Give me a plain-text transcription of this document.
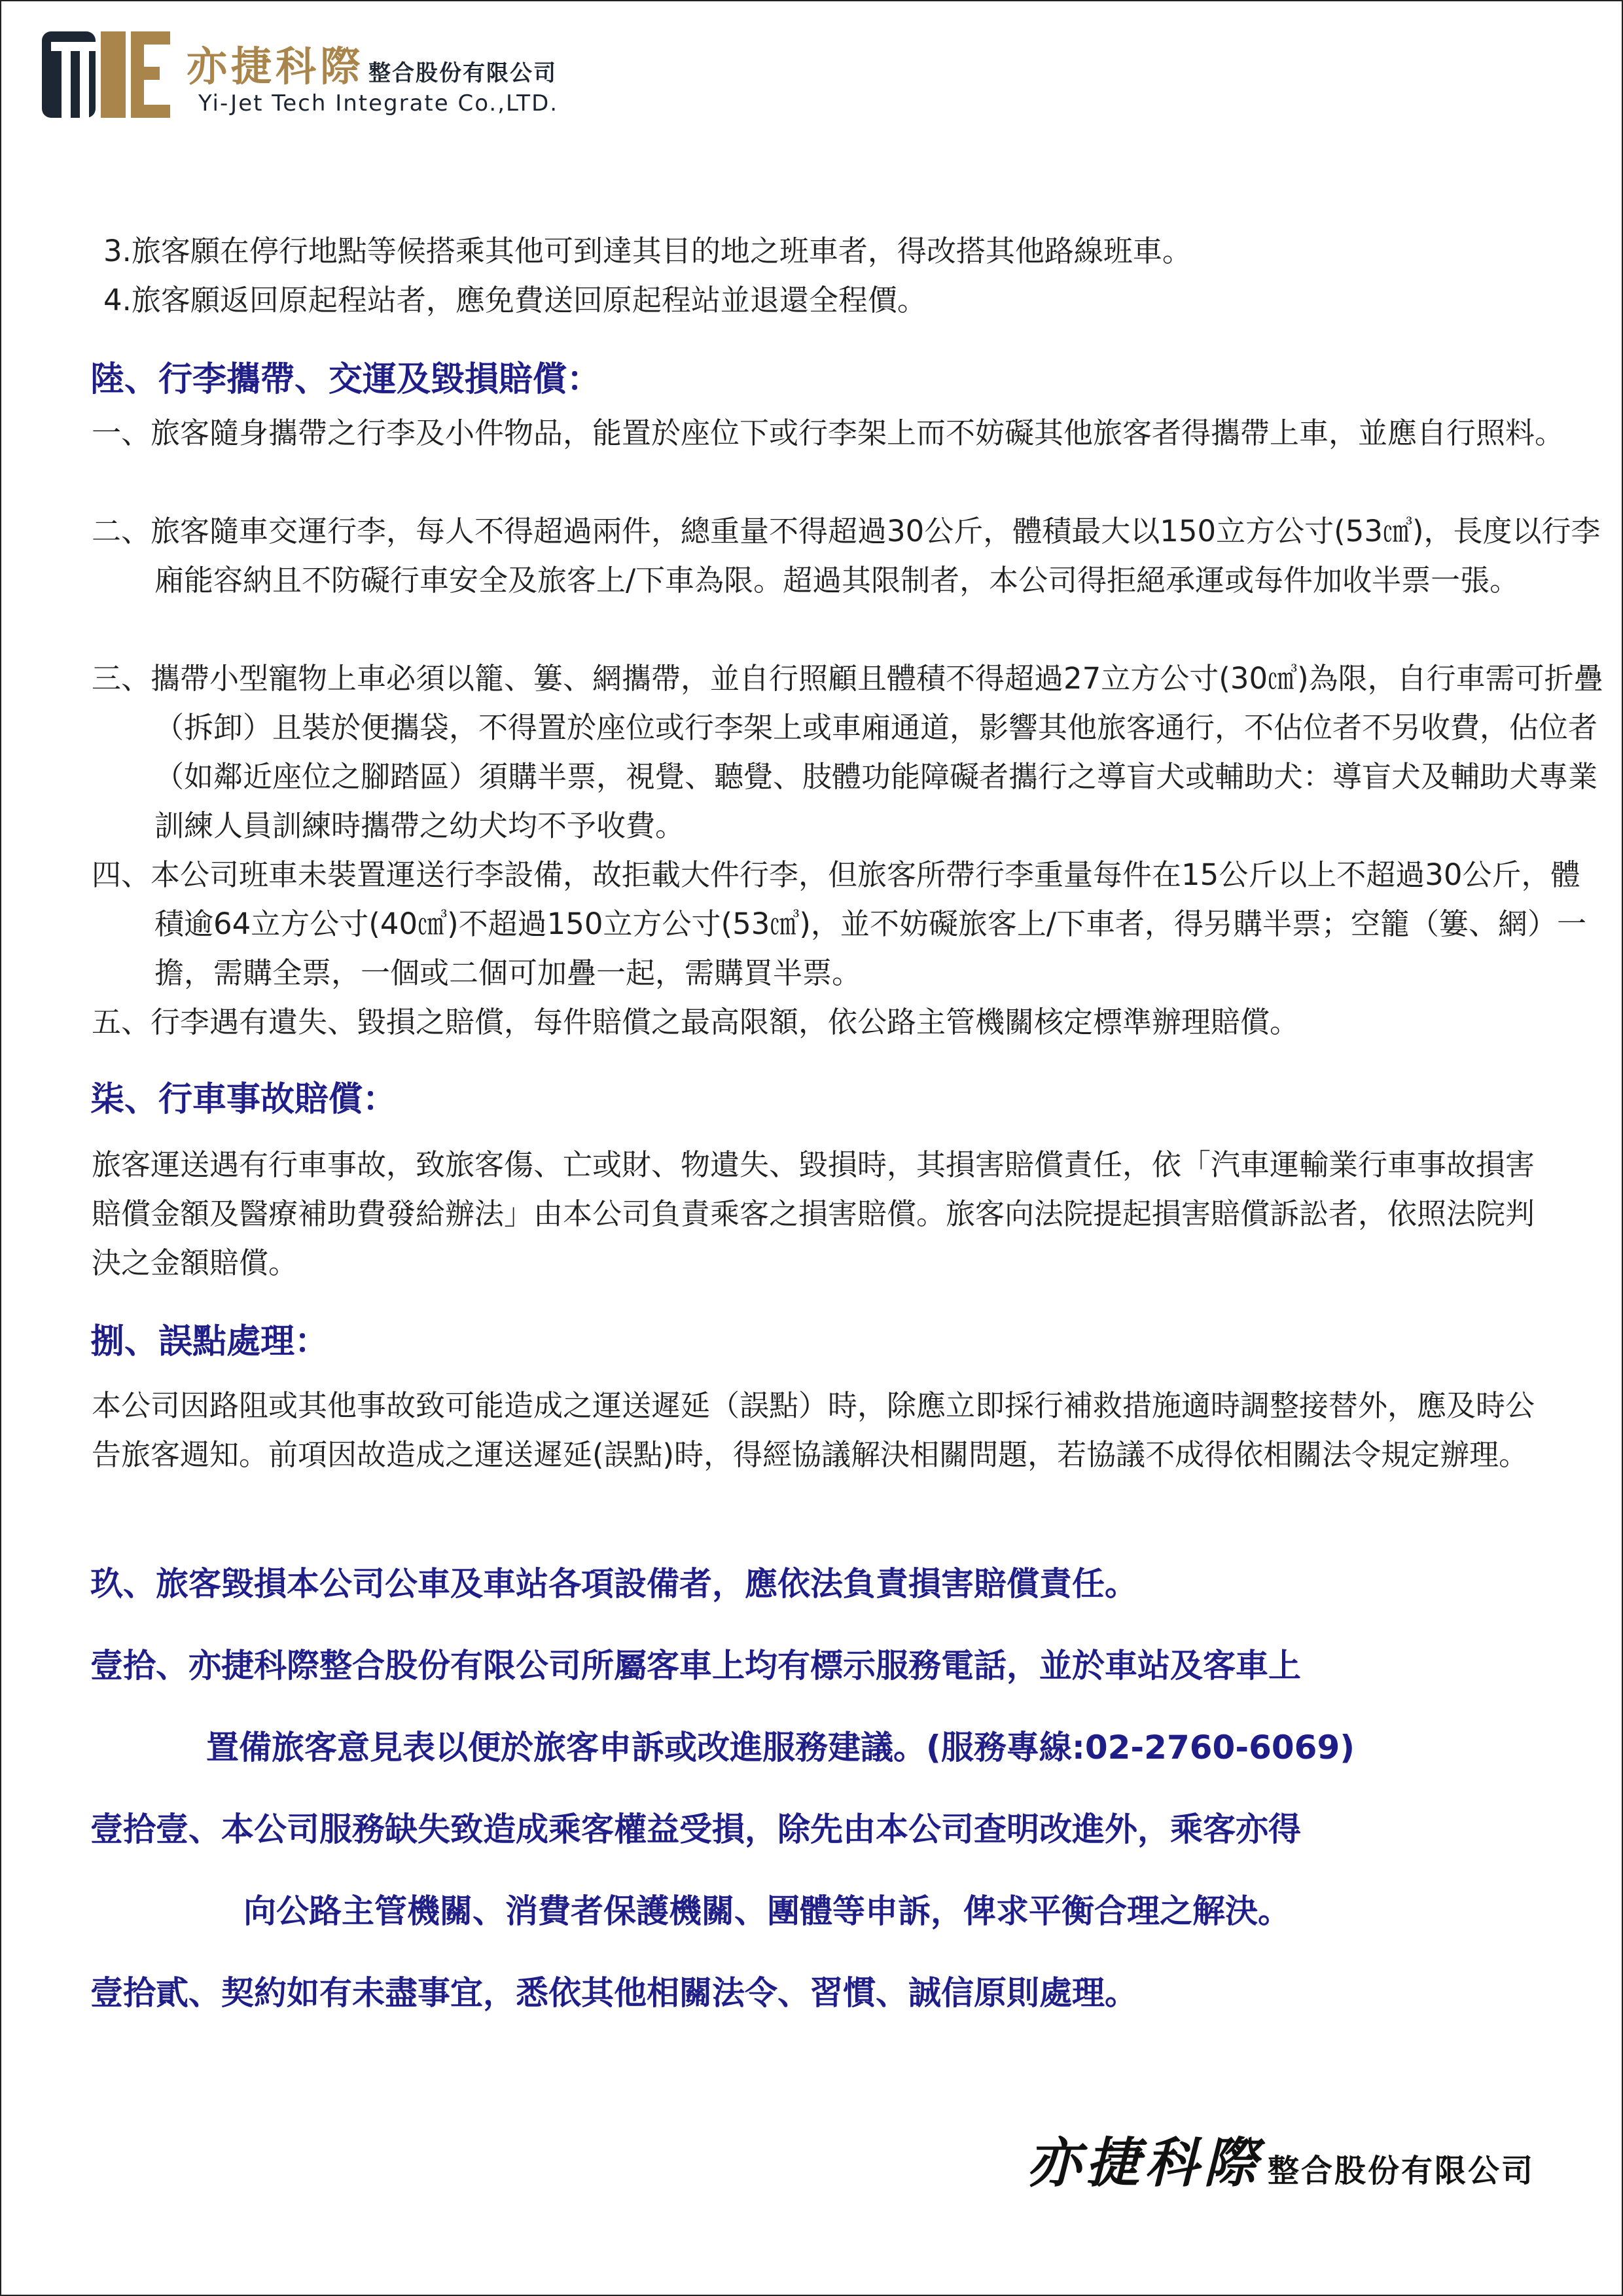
亦捷科際 整合股份有限公司
Yi-Jet Tech Integrate Co.,LTD.
3.旅客願在停行地點等候搭乘其他可到達其目的地之班車者，得改搭其他路線班車。
4.旅客願返回原起程站者，應免費送回原起程站並退還全程價。
陸、行李攜帶、交運及毀損賠償：
一、旅客隨身攜帶之行李及小件物品，能置於座位下或行李架上而不妨礙其他旅客者得攜帶上車，並應自行照料。
二、旅客隨車交運行李，每人不得超過兩件，總重量不得超過30公斤，體積最大以150立方公寸(53㎤)，長度以行李廂能容納且不防礙行車安全及旅客上/下車為限。超過其限制者，本公司得拒絕承運或每件加收半票一張。
三、攜帶小型寵物上車必須以籠、簍、網攜帶，並自行照顧且體積不得超過27立方公寸(30㎤)為限，自行車需可折疊（拆卸）且裝於便攜袋，不得置於座位或行李架上或車廂通道，影響其他旅客通行，不佔位者不另收費，佔位者（如鄰近座位之腳踏區）須購半票，視覺、聽覺、肢體功能障礙者攜行之導盲犬或輔助犬：導盲犬及輔助犬專業訓練人員訓練時攜帶之幼犬均不予收費。
四、本公司班車未裝置運送行李設備，故拒載大件行李，但旅客所帶行李重量每件在15公斤以上不超過30公斤，體積逾64立方公寸(40㎤)不超過150立方公寸(53㎤)，並不妨礙旅客上/下車者，得另購半票；空籠（簍、網）一擔，需購全票，一個或二個可加疊一起，需購買半票。
五、行李遇有遺失、毀損之賠償，每件賠償之最高限額，依公路主管機關核定標準辦理賠償。
柒、行車事故賠償：
旅客運送遇有行車事故，致旅客傷、亡或財、物遺失、毀損時，其損害賠償責任，依「汽車運輸業行車事故損害賠償金額及醫療補助費發給辦法」由本公司負責乘客之損害賠償。旅客向法院提起損害賠償訴訟者，依照法院判決之金額賠償。
捌、誤點處理：
本公司因路阻或其他事故致可能造成之運送遲延（誤點）時，除應立即採行補救措施適時調整接替外，應及時公告旅客週知。前項因故造成之運送遲延(誤點)時，得經協議解決相關問題，若協議不成得依相關法令規定辦理。
玖、旅客毀損本公司公車及車站各項設備者，應依法負責損害賠償責任。
壹拾、亦捷科際整合股份有限公司所屬客車上均有標示服務電話，並於車站及客車上
置備旅客意見表以便於旅客申訴或改進服務建議。(服務專線:02-2760-6069)
壹拾壹、本公司服務缺失致造成乘客權益受損，除先由本公司查明改進外，乘客亦得
向公路主管機關、消費者保護機關、團體等申訴，俾求平衡合理之解決。
壹拾貳、契約如有未盡事宜，悉依其他相關法令、習慣、誠信原則處理。
亦捷科際 整合股份有限公司
